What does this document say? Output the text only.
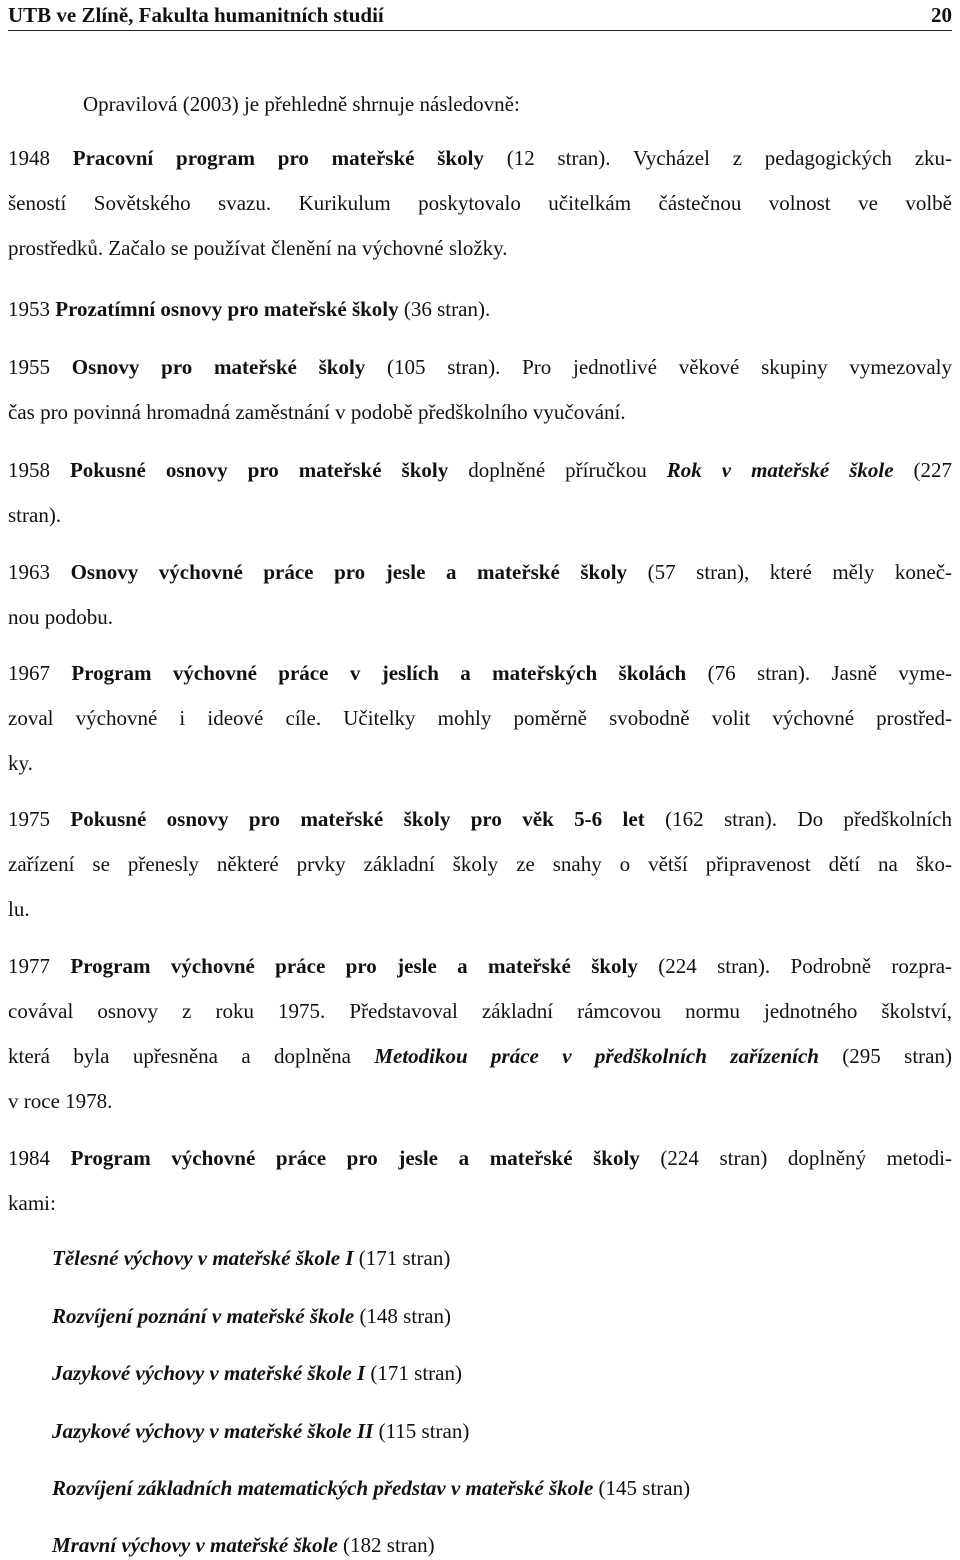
UTB ve Zlíně, Fakulta humanitních studií	20
Opravilová (2003) je přehledně shrnuje následovně:
1948 Pracovní program pro mateřské školy (12 stran). Vycházel z pedagogických zku-
šeností Sovětského svazu. Kurikulum poskytovalo učitelkám částečnou volnost ve volbě
prostředků. Začalo se používat členění na výchovné složky.
1953 Prozatímní osnovy pro mateřské školy (36 stran).
1955 Osnovy pro mateřské školy (105 stran). Pro jednotlivé věkové skupiny vymezovaly
čas pro povinná hromadná zaměstnání v podobě předškolního vyučování.
1958 Pokusné osnovy pro mateřské školy doplněné příručkou Rok v mateřské škole (227
stran).
1963 Osnovy výchovné práce pro jesle a mateřské školy (57 stran), které měly koneč-
nou podobu.
1967 Program výchovné práce v jeslích a mateřských školách (76 stran). Jasně vyme-
zoval výchovné i ideové cíle. Učitelky mohly poměrně svobodně volit výchovné prostřed-
ky.
1975 Pokusné osnovy pro mateřské školy pro věk 5-6 let (162 stran). Do předškolních
zařízení se přenesly některé prvky základní školy ze snahy o větší připravenost dětí na ško-
lu.
1977 Program výchovné práce pro jesle a mateřské školy (224 stran). Podrobně rozpra-
covával osnovy z roku 1975. Představoval základní rámcovou normu jednotného školství,
která byla upřesněna a doplněna Metodikou práce v předškolních zařízeních (295 stran)
v roce 1978.
1984 Program výchovné práce pro jesle a mateřské školy (224 stran) doplněný metodi-
kami:
Tělesné výchovy v mateřské škole I (171 stran)
Rozvíjení poznání v mateřské škole (148 stran)
Jazykové výchovy v mateřské škole I (171 stran)
Jazykové výchovy v mateřské škole II (115 stran)
Rozvíjení základních matematických představ v mateřské škole (145 stran)
Mravní výchovy v mateřské škole (182 stran)
